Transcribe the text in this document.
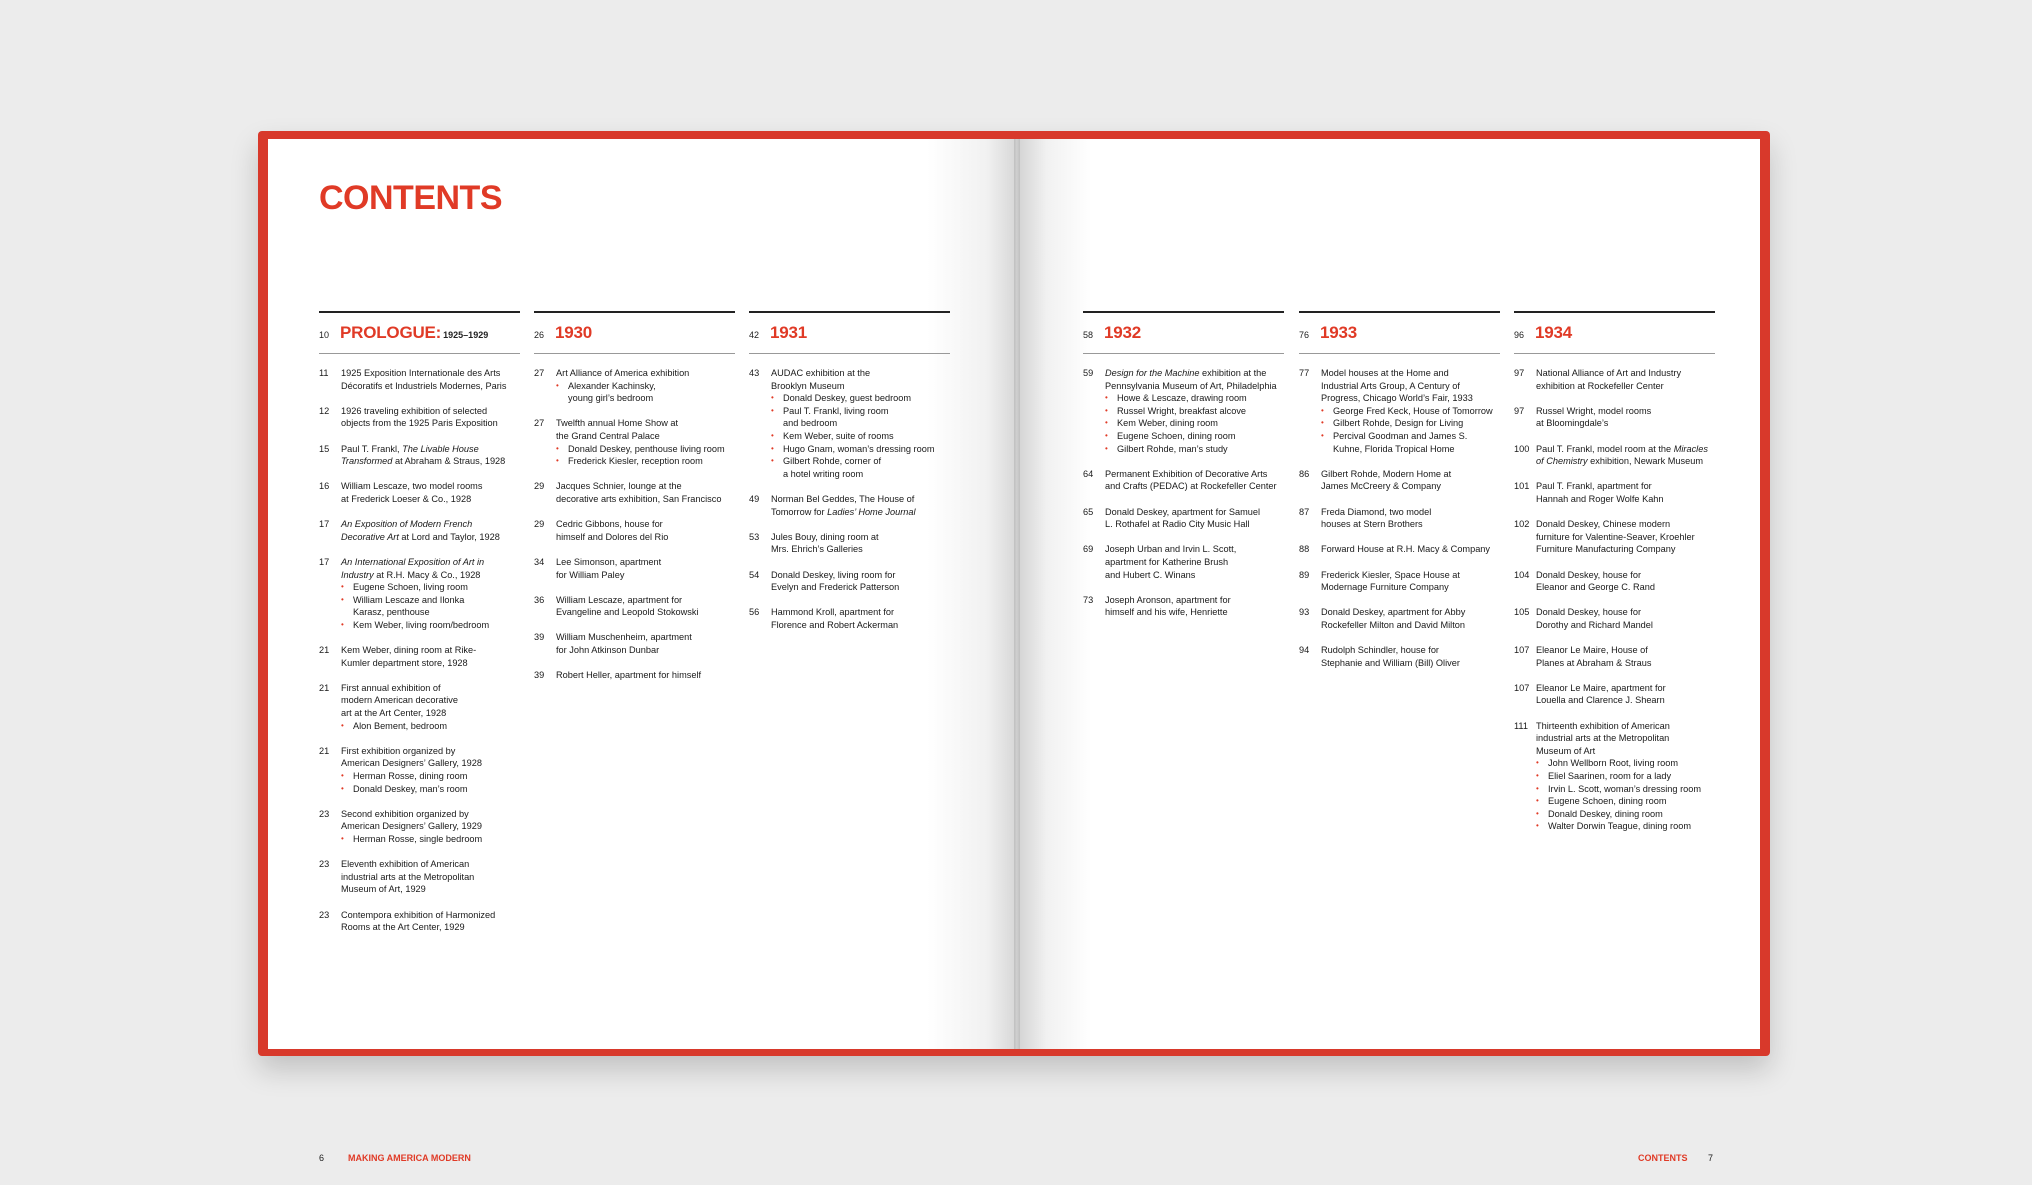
CONTENTS
10 PROLOGUE: 1925–1929
11	1925 Exposition Internationale des Arts
Décoratifs et Industriels Modernes, Paris
12	1926 traveling exhibition of selected
objects from the 1925 Paris Exposition
15	Paul T. Frankl, The Livable House
Transformed at Abraham & Straus, 1928
16	William Lescaze, two model rooms
at Frederick Loeser & Co., 1928
17	An Exposition of Modern French
Decorative Art at Lord and Taylor, 1928
17	An International Exposition of Art in
Industry at R.H. Macy & Co., 1928
• Eugene Schoen, living room
• William Lescaze and Ilonka
Karasz, penthouse
• Kem Weber, living room/bedroom
21	Kem Weber, dining room at Rike-
Kumler department store, 1928
21	First annual exhibition of
modern American decorative
art at the Art Center, 1928
• Alon Bement, bedroom
21	First exhibition organized by
American Designers’ Gallery, 1928
• Herman Rosse, dining room
• Donald Deskey, man’s room
23	Second exhibition organized by
American Designers’ Gallery, 1929
• Herman Rosse, single bedroom
23	Eleventh exhibition of American
industrial arts at the Metropolitan
Museum of Art, 1929
23	Contempora exhibition of Harmonized
Rooms at the Art Center, 1929
26 1930
27	Art Alliance of America exhibition
• Alexander Kachinsky,
young girl’s bedroom
27	Twelfth annual Home Show at
the Grand Central Palace
• Donald Deskey, penthouse living room
• Frederick Kiesler, reception room
29	Jacques Schnier, lounge at the
decorative arts exhibition, San Francisco
29	Cedric Gibbons, house for
himself and Dolores del Rio
34	Lee Simonson, apartment
for William Paley
36	William Lescaze, apartment for
Evangeline and Leopold Stokowski
39	William Muschenheim, apartment
for John Atkinson Dunbar
39	Robert Heller, apartment for himself
42 1931
43	AUDAC exhibition at the
Brooklyn Museum
• Donald Deskey, guest bedroom
• Paul T. Frankl, living room
and bedroom
• Kem Weber, suite of rooms
• Hugo Gnam, woman’s dressing room
• Gilbert Rohde, corner of
a hotel writing room
49	Norman Bel Geddes, The House of
Tomorrow for Ladies’ Home Journal
53	Jules Bouy, dining room at
Mrs. Ehrich’s Galleries
54	Donald Deskey, living room for
Evelyn and Frederick Patterson
56	Hammond Kroll, apartment for
Florence and Robert Ackerman
6	MAKING AMERICA MODERN
58 1932
59	Design for the Machine exhibition at the
Pennsylvania Museum of Art, Philadelphia
• Howe & Lescaze, drawing room
• Russel Wright, breakfast alcove
• Kem Weber, dining room
• Eugene Schoen, dining room
• Gilbert Rohde, man’s study
64	Permanent Exhibition of Decorative Arts
and Crafts (PEDAC) at Rockefeller Center
65	Donald Deskey, apartment for Samuel
L. Rothafel at Radio City Music Hall
69	Joseph Urban and Irvin L. Scott,
apartment for Katherine Brush
and Hubert C. Winans
73	Joseph Aronson, apartment for
himself and his wife, Henriette
76 1933
77	Model houses at the Home and
Industrial Arts Group, A Century of
Progress, Chicago World’s Fair, 1933
• George Fred Keck, House of Tomorrow
• Gilbert Rohde, Design for Living
• Percival Goodman and James S.
Kuhne, Florida Tropical Home
86	Gilbert Rohde, Modern Home at
James McCreery & Company
87	Freda Diamond, two model
houses at Stern Brothers
88	Forward House at R.H. Macy & Company
89	Frederick Kiesler, Space House at
Modernage Furniture Company
93	Donald Deskey, apartment for Abby
Rockefeller Milton and David Milton
94	Rudolph Schindler, house for
Stephanie and William (Bill) Oliver
96 1934
97	National Alliance of Art and Industry
exhibition at Rockefeller Center
97	Russel Wright, model rooms
at Bloomingdale’s
100 Paul T. Frankl, model room at the Miracles
of Chemistry exhibition, Newark Museum
101 Paul T. Frankl, apartment for
Hannah and Roger Wolfe Kahn
102 Donald Deskey, Chinese modern
furniture for Valentine-Seaver, Kroehler
Furniture Manufacturing Company
104 Donald Deskey, house for
Eleanor and George C. Rand
105 Donald Deskey, house for
Dorothy and Richard Mandel
107 Eleanor Le Maire, House of
Planes at Abraham & Straus
107 Eleanor Le Maire, apartment for
Louella and Clarence J. Shearn
111 Thirteenth exhibition of American
industrial arts at the Metropolitan
Museum of Art
• John Wellborn Root, living room
• Eliel Saarinen, room for a lady
• Irvin L. Scott, woman’s dressing room
• Eugene Schoen, dining room
• Donald Deskey, dining room
• Walter Dorwin Teague, dining room
CONTENTS 7
